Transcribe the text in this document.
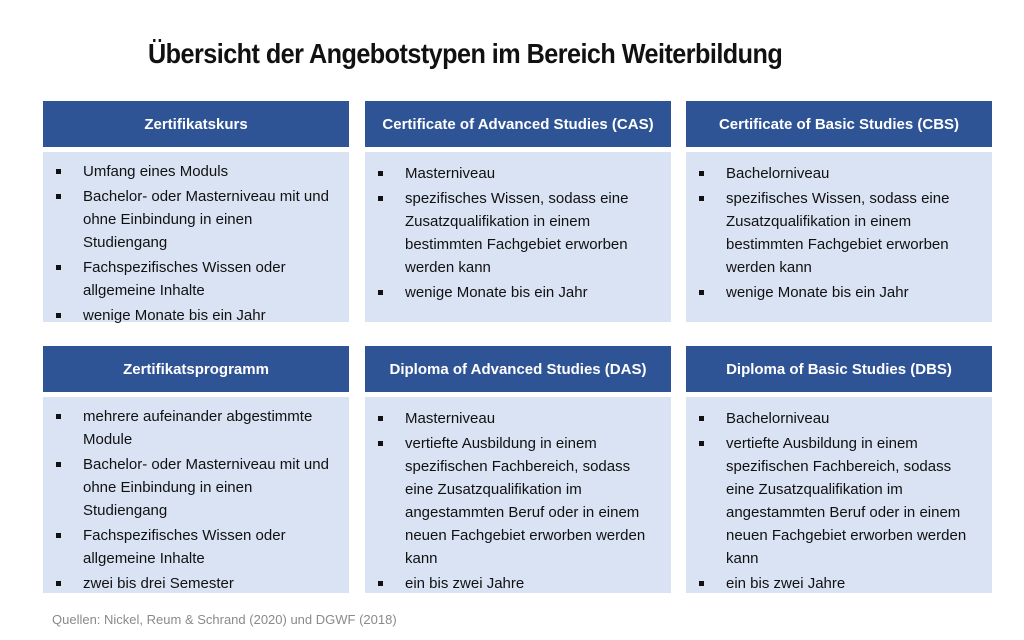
Übersicht der Angebotstypen im Bereich Weiterbildung
Zertifikatskurs
Umfang eines Moduls
Bachelor- oder Masterniveau mit und ohne Einbindung in einen Studiengang
Fachspezifisches Wissen oder allgemeine Inhalte
wenige Monate bis ein Jahr
Certificate of Advanced Studies (CAS)
Masterniveau
spezifisches Wissen, sodass eine Zusatzqualifikation in einem bestimmten Fachgebiet erworben werden kann
wenige Monate bis ein Jahr
Certificate of Basic Studies (CBS)
Bachelorniveau
spezifisches Wissen, sodass eine Zusatzqualifikation in einem bestimmten Fachgebiet erworben werden kann
wenige Monate bis ein Jahr
Zertifikatsprogramm
mehrere aufeinander abgestimmte Module
Bachelor- oder Masterniveau mit und ohne Einbindung in einen Studiengang
Fachspezifisches Wissen oder allgemeine Inhalte
zwei bis drei Semester
Diploma of Advanced Studies (DAS)
Masterniveau
vertiefte Ausbildung in einem spezifischen Fachbereich, sodass eine Zusatzqualifikation im angestammten Beruf oder in einem neuen Fachgebiet erworben werden kann
ein bis zwei Jahre
Diploma of Basic Studies (DBS)
Bachelorniveau
vertiefte Ausbildung in einem spezifischen Fachbereich, sodass eine Zusatzqualifikation im angestammten Beruf oder in einem neuen Fachgebiet erworben werden kann
ein bis zwei Jahre
Quellen: Nickel, Reum & Schrand (2020) und DGWF (2018)
